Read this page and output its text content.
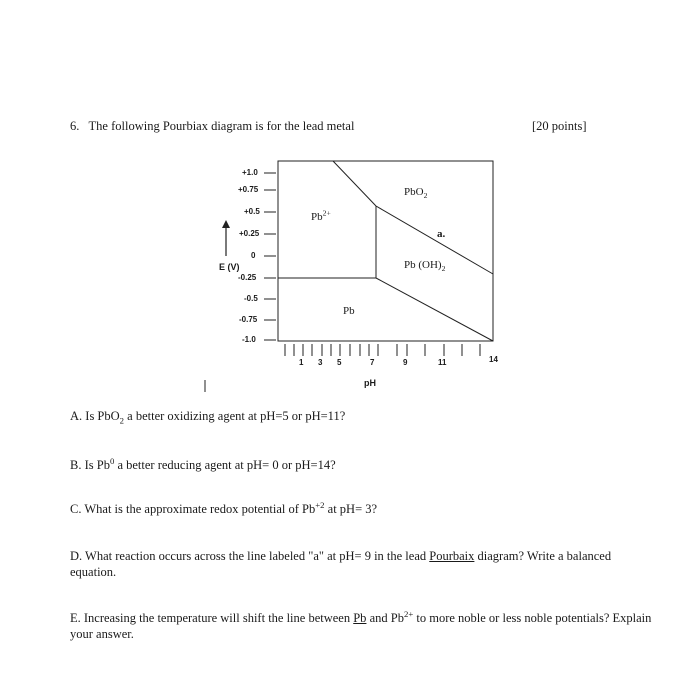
6. The following Pourbiax diagram is for the lead metal	[20 points]
+1.0
+0.75
+0.5
+0.25
0
-0.25
-0.5
-0.75
-1.0
E (V)
pH
1 3 5	7	9	11	14
$Pb^{2+}$
PbO$_2$
a.
Pb $(OH)_2$
Pb
A. Is PbO$_2$ a better oxidizing agent at pH=5 or pH=11?
B. Is Pb$^0$ a better reducing agent at pH= 0 or pH=14?
C. What is the approximate redox potential of $Pb^{+2}$ at pH= 3?
D. What reaction occurs across the line labeled "a" at pH= 9 in the lead Pourbaix diagram? Write a balanced equation.
E. Increasing the temperature will shift the line between Pb and $Pb^{2+}$ to more noble or less noble potentials? Explain your answer.
